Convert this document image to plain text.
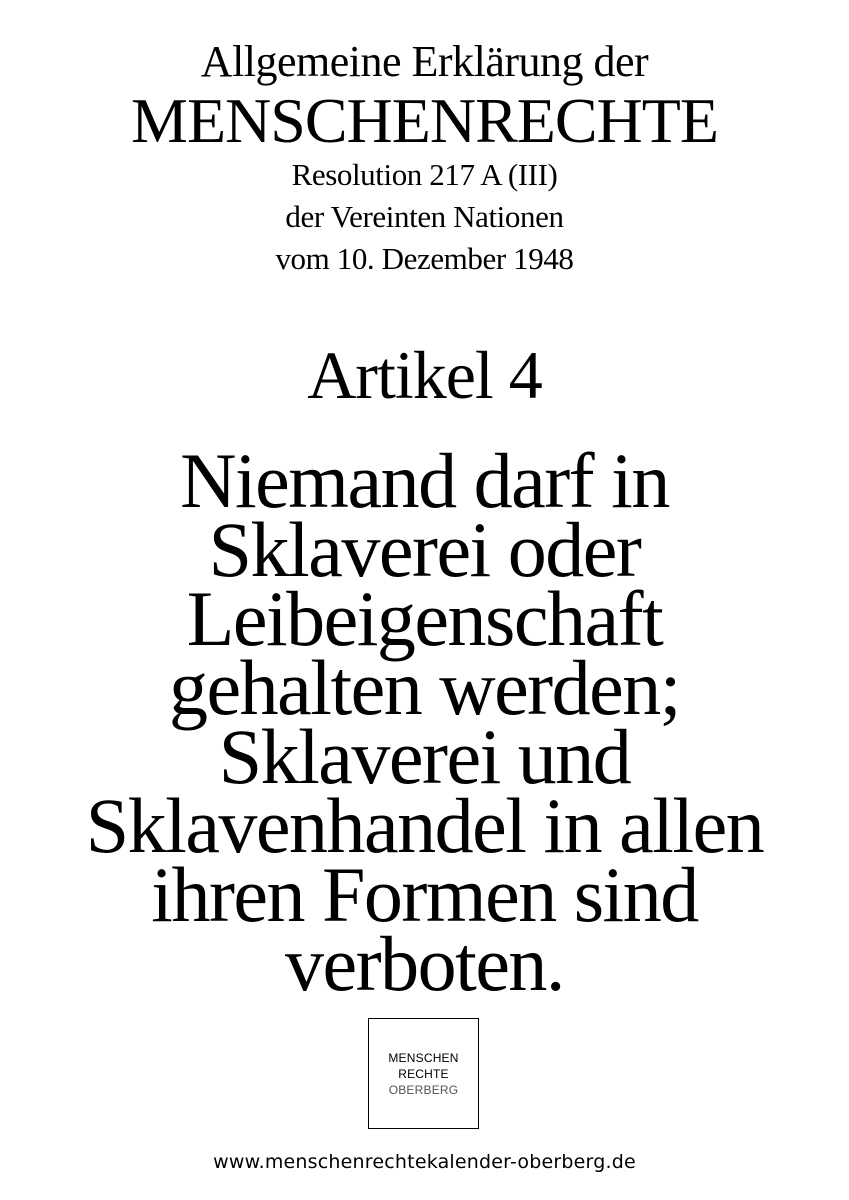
Allgemeine Erklärung der
MENSCHENRECHTE
Resolution 217 A (III)
der Vereinten Nationen
vom 10. Dezember 1948
Artikel 4
Niemand darf in
Sklaverei oder
Leibeigenschaft
gehalten werden;
Sklaverei und
Sklavenhandel in allen
ihren Formen sind
verboten.
MENSCHEN
RECHTE
OBERBERG
www.menschenrechtekalender-oberberg.de
